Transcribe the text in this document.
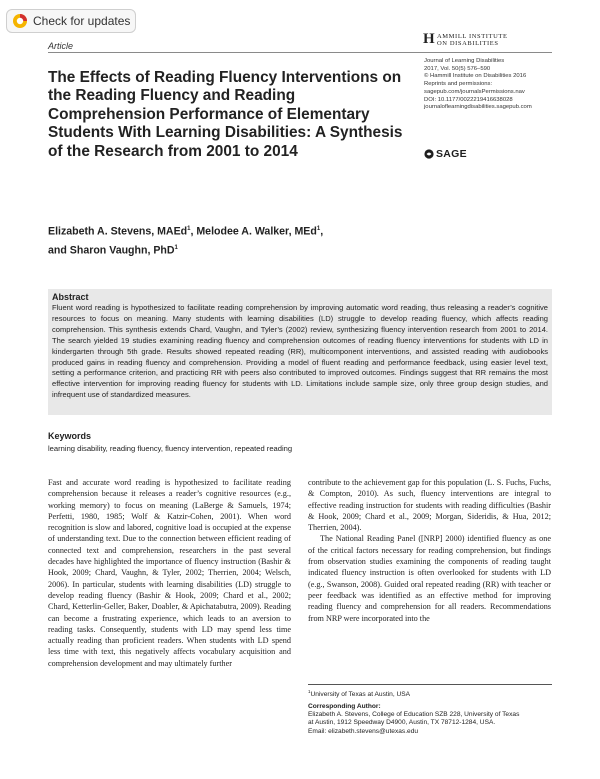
Check for updates
Article	H AMMILL INSTITUTE
ON DISABILITIES
Journal of Learning Disabilities
2017, Vol. 50(5) 576–590
© Hammill Institute on Disabilities 2016
Reprints and permissions:
sagepub.com/journalsPermissions.nav
DOI: 10.1177/0022219416638028
journaloflearningdisabilities.sagepub.com
SAGE
The Effects of Reading Fluency Interventions on the Reading Fluency and Reading Comprehension Performance of Elementary Students With Learning Disabilities: A Synthesis of the Research from 2001 to 2014
Elizabeth A. Stevens, MAEd$^1$, Melodee A. Walker, MEd$^1$,
and Sharon Vaughn, PhD$^1$
Abstract

Fluent word reading is hypothesized to facilitate reading comprehension by improving automatic word reading, thus releasing a reader’s cognitive resources to focus on meaning. Many students with learning disabilities (LD) struggle to develop reading fluency, which affects reading comprehension. This synthesis extends Chard, Vaughn, and Tyler’s (2002) review, synthesizing fluency intervention research from 2001 to 2014. The search yielded 19 studies examining reading fluency and comprehension outcomes of reading fluency interventions for students with LD in kindergarten through 5th grade. Results showed repeated reading (RR), multicomponent interventions, and assisted reading with audiobooks produced gains in reading fluency and comprehension. Providing a model of fluent reading and performance feedback, using easier level text, setting a performance criterion, and practicing RR with peers also contributed to improved outcomes. Findings suggest that RR remains the most effective intervention for improving reading fluency for students with LD. Limitations include sample size, only three group design studies, and infrequent use of standardized measures.

Keywords
learning disability, reading fluency, fluency intervention, repeated reading

Fast and accurate word reading is hypothesized to facilitate reading comprehension because it releases a reader’s cognitive resources (e.g., working memory) to focus on meaning (LaBerge & Samuels, 1974; Perfetti, 1980, 1985; Wolf & Katzir-Cohen, 2001). When word recognition is slow and labored, cognitive load is occupied at the expense of understanding text. Due to the connection between efficient reading of connected text and comprehension, researchers in the past several decades have highlighted the importance of fluency instruction (Bashir & Hook, 2009; Chard, Vaughn, & Tyler, 2002; Therrien, 2004; Welsch, 2006). In particular, students with learning disabilities (LD) struggle to develop reading fluency (Bashir & Hook, 2009; Chard et al., 2002; Chard, Ketterlin-Geller, Baker, Doabler, & Apichatabutra, 2009). Reading can become a frustrating experience, which leads to an aversion to reading tasks. Consequently, students with LD may spend less time actually reading than proficient readers. When students with LD spend less time with text, this negatively affects vocabulary acquisition and comprehension development and may ultimately further

contribute to the achievement gap for this population (L. S. Fuchs, Fuchs, & Compton, 2010). As such, fluency interventions are integral to effective reading instruction for students with reading difficulties (Bashir & Hook, 2009; Chard et al., 2009; Morgan, Sideridis, & Hua, 2012; Therrien, 2004).

The National Reading Panel ([NRP] 2000) identified fluency as one of the critical factors necessary for reading comprehension, but findings from observation studies examining the components of reading taught indicated fluency instruction is often overlooked for students with LD (e.g., Swanson, 2008). Guided oral repeated reading (RR) with teacher or peer feedback was identified as an effective method for improving reading fluency and comprehension for all readers. Recommendations from NRP were incorporated into the

$^1$University of Texas at Austin, USA
Corresponding Author:
Elizabeth A. Stevens, College of Education SZB 228, University of Texas
at Austin, 1912 Speedway D4900, Austin, TX 78712-1284, USA.
Email: elizabeth.stevens@utexas.edu
